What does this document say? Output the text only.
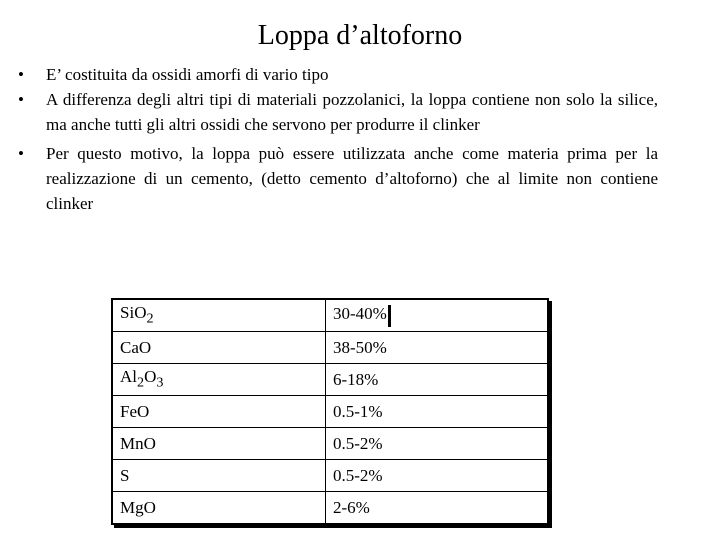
Loppa d’altoforno
•	E’ costituita da ossidi amorfi di vario tipo
•	A differenza degli altri tipi di materiali pozzolanici, la loppa contiene non solo la silice, ma anche tutti gli altri ossidi che servono per produrre il clinker
•	Per questo motivo, la loppa può essere utilizzata anche come materia prima per la realizzazione di un cemento, (detto cemento d’altoforno) che al limite non contiene clinker
SiO$_2$	30-40%
CaO	38-50%
$Al_2O_3$	6-18%
FeO	0.5-1%
MnO	0.5-2%
S	0.5-2%
MgO	2-6%
